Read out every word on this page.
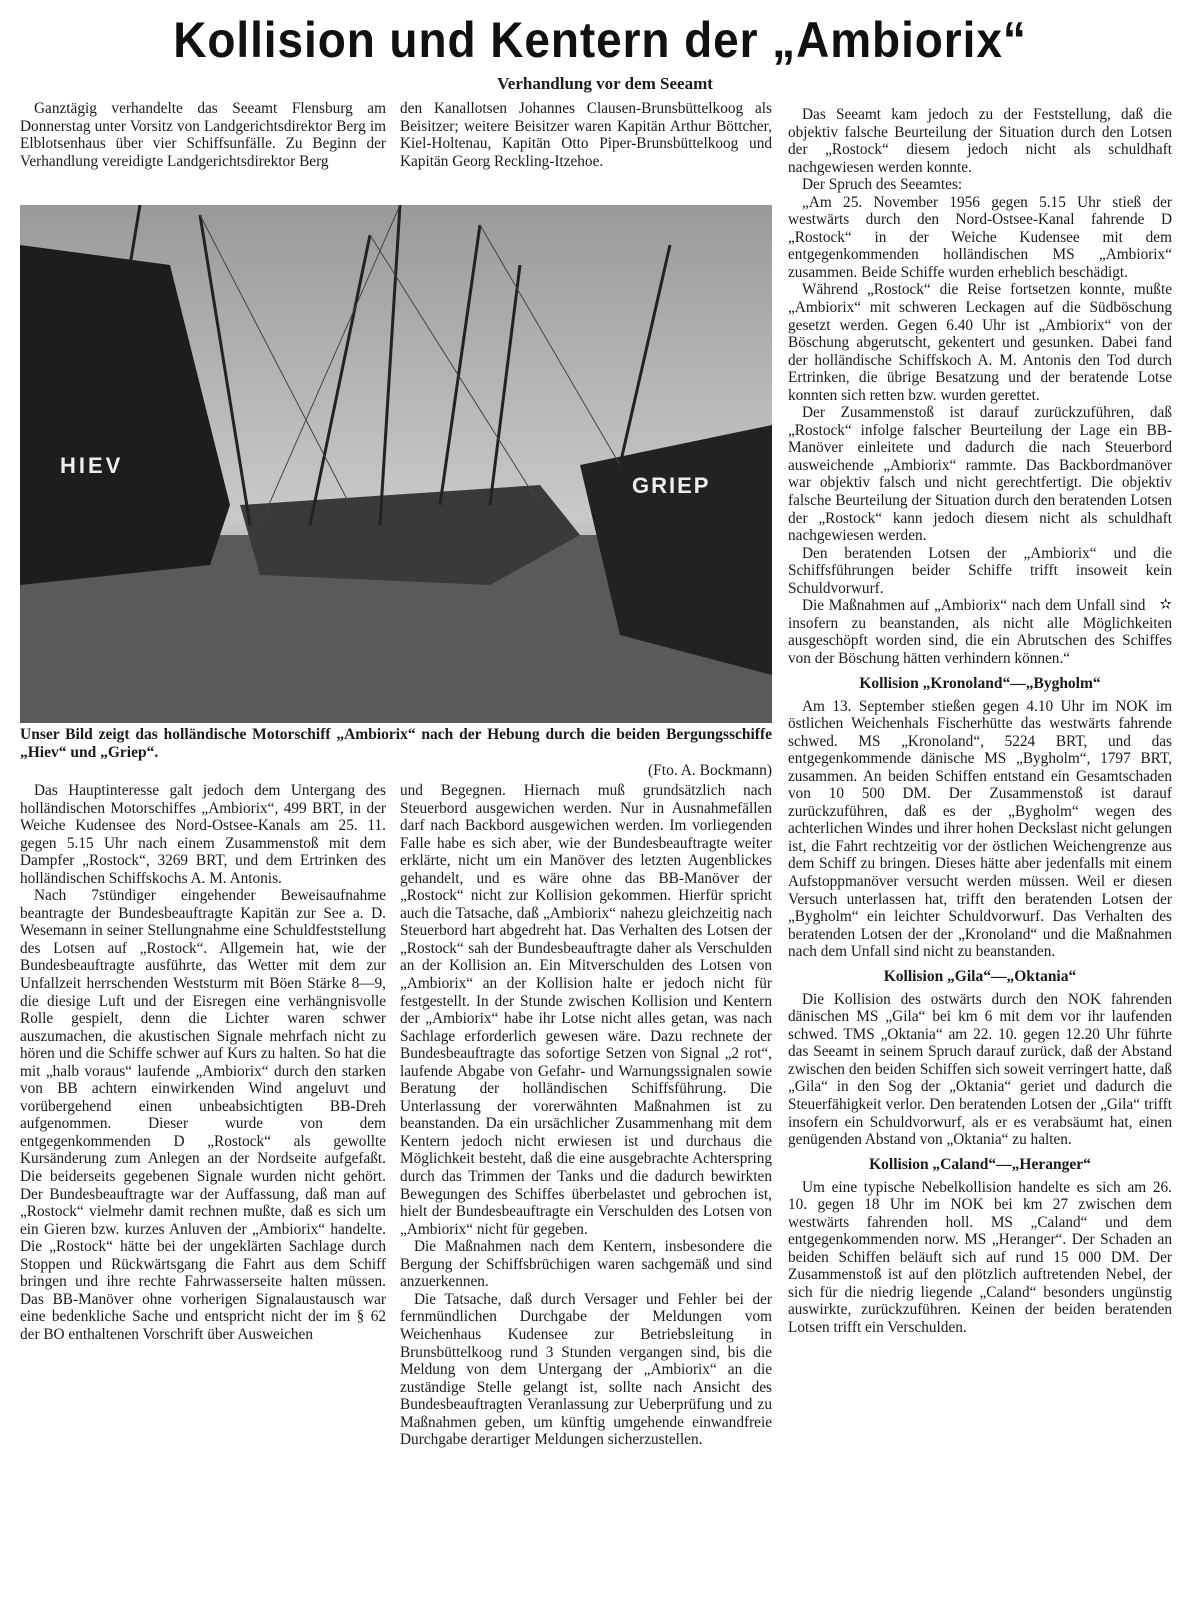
Kollision und Kentern der „Ambiorix“
Verhandlung vor dem Seeamt

Ganztägig verhandelte das Seeamt Flensburg am Donnerstag unter Vorsitz von Landgerichtsdirektor Berg im Elblotsenhaus über vier Schiffsunfälle. Zu Beginn der Verhandlung vereidigte Landgerichtsdirektor Berg

den Kanallotsen Johannes Clausen-Brunsbüttelkoog als Beisitzer; weitere Beisitzer waren Kapitän Arthur Böttcher, Kiel-Holtenau, Kapitän Otto Piper-Brunsbüttelkoog und Kapitän Georg Reckling-Itzehoe.

HIEV
GRIEP
Unser Bild zeigt das holländische Motorschiff „Ambiorix“ nach der Hebung durch die beiden Bergungsschiffe „Hiev“ und „Griep“.
(Fto. A. Bockmann)

Das Hauptinteresse galt jedoch dem Untergang des holländischen Motorschiffes „Ambiorix“, 499 BRT, in der Weiche Kudensee des Nord-Ostsee-Kanals am 25. 11. gegen 5.15 Uhr nach einem Zusammenstoß mit dem Dampfer „Rostock“, 3269 BRT, und dem Ertrinken des holländischen Schiffskochs A. M. Antonis.

Nach 7stündiger eingehender Beweisaufnahme beantragte der Bundesbeauftragte Kapitän zur See a. D. Wesemann in seiner Stellungnahme eine Schuldfeststellung des Lotsen auf „Rostock“. Allgemein hat, wie der Bundesbeauftragte ausführte, das Wetter mit dem zur Unfallzeit herrschenden Weststurm mit Böen Stärke 8—9, die diesige Luft und der Eisregen eine verhängnisvolle Rolle gespielt, denn die Lichter waren schwer auszumachen, die akustischen Signale mehrfach nicht zu hören und die Schiffe schwer auf Kurs zu halten. So hat die mit „halb voraus“ laufende „Ambiorix“ durch den starken von BB achtern einwirkenden Wind angeluvt und vorübergehend einen unbeabsichtigten BB-Dreh aufgenommen. Dieser wurde von dem entgegenkommenden D „Rostock“ als gewollte Kursänderung zum Anlegen an der Nordseite aufgefaßt. Die beiderseits gegebenen Signale wurden nicht gehört. Der Bundesbeauftragte war der Auffassung, daß man auf „Rostock“ vielmehr damit rechnen mußte, daß es sich um ein Gieren bzw. kurzes Anluven der „Ambiorix“ handelte. Die „Rostock“ hätte bei der ungeklärten Sachlage durch Stoppen und Rückwärtsgang die Fahrt aus dem Schiff bringen und ihre rechte Fahrwasserseite halten müssen. Das BB-Manöver ohne vorherigen Signalaustausch war eine bedenkliche Sache und entspricht nicht der im § 62 der BO enthaltenen Vorschrift über Ausweichen

und Begegnen. Hiernach muß grundsätzlich nach Steuerbord ausgewichen werden. Nur in Ausnahmefällen darf nach Backbord ausgewichen werden. Im vorliegenden Falle habe es sich aber, wie der Bundesbeauftragte weiter erklärte, nicht um ein Manöver des letzten Augenblickes gehandelt, und es wäre ohne das BB-Manöver der „Rostock“ nicht zur Kollision gekommen. Hierfür spricht auch die Tatsache, daß „Ambiorix“ nahezu gleichzeitig nach Steuerbord hart abgedreht hat. Das Verhalten des Lotsen der „Rostock“ sah der Bundesbeauftragte daher als Verschulden an der Kollision an. Ein Mitverschulden des Lotsen von „Ambiorix“ an der Kollision halte er jedoch nicht für festgestellt. In der Stunde zwischen Kollision und Kentern der „Ambiorix“ habe ihr Lotse nicht alles getan, was nach Sachlage erforderlich gewesen wäre. Dazu rechnete der Bundesbeauftragte das sofortige Setzen von Signal „2 rot“, laufende Abgabe von Gefahr- und Warnungssignalen sowie Beratung der holländischen Schiffsführung. Die Unterlassung der vorerwähnten Maßnahmen ist zu beanstanden. Da ein ursächlicher Zusammenhang mit dem Kentern jedoch nicht erwiesen ist und durchaus die Möglichkeit besteht, daß die eine ausgebrachte Achterspring durch das Trimmen der Tanks und die dadurch bewirkten Bewegungen des Schiffes überbelastet und gebrochen ist, hielt der Bundesbeauftragte ein Verschulden des Lotsen von „Ambiorix“ nicht für gegeben.

Die Maßnahmen nach dem Kentern, insbesondere die Bergung der Schiffsbrüchigen waren sachgemäß und sind anzuerkennen.

Die Tatsache, daß durch Versager und Fehler bei der fernmündlichen Durchgabe der Meldungen vom Weichenhaus Kudensee zur Betriebsleitung in Brunsbüttelkoog rund 3 Stunden vergangen sind, bis die Meldung von dem Untergang der „Ambiorix“ an die zuständige Stelle gelangt ist, sollte nach Ansicht des Bundesbeauftragten Veranlassung zur Ueberprüfung und zu Maßnahmen geben, um künftig umgehende einwandfreie Durchgabe derartiger Meldungen sicherzustellen.

Das Seeamt kam jedoch zu der Feststellung, daß die objektiv falsche Beurteilung der Situation durch den Lotsen der „Rostock“ diesem jedoch nicht als schuldhaft nachgewiesen werden konnte.

Der Spruch des Seeamtes:

„Am 25. November 1956 gegen 5.15 Uhr stieß der westwärts durch den Nord-Ostsee-Kanal fahrende D „Rostock“ in der Weiche Kudensee mit dem entgegenkommenden holländischen MS „Ambiorix“ zusammen. Beide Schiffe wurden erheblich beschädigt.

Während „Rostock“ die Reise fortsetzen konnte, mußte „Ambiorix“ mit schweren Leckagen auf die Südböschung gesetzt werden. Gegen 6.40 Uhr ist „Ambiorix“ von der Böschung abgerutscht, gekentert und gesunken. Dabei fand der holländische Schiffskoch A. M. Antonis den Tod durch Ertrinken, die übrige Besatzung und der beratende Lotse konnten sich retten bzw. wurden gerettet.

Der Zusammenstoß ist darauf zurückzuführen, daß „Rostock“ infolge falscher Beurteilung der Lage ein BB-Manöver einleitete und dadurch die nach Steuerbord ausweichende „Ambiorix“ rammte. Das Backbordmanöver war objektiv falsch und nicht gerechtfertigt. Die objektiv falsche Beurteilung der Situation durch den beratenden Lotsen der „Rostock“ kann jedoch diesem nicht als schuldhaft nachgewiesen werden.

Den beratenden Lotsen der „Ambiorix“ und die Schiffsführungen beider Schiffe trifft insoweit kein Schuldvorwurf.

✫
Die Maßnahmen auf „Ambiorix“ nach dem Unfall sind insofern zu beanstanden, als nicht alle Möglichkeiten ausgeschöpft worden sind, die ein Abrutschen des Schiffes von der Böschung hätten verhindern können.“

Kollision „Kronoland“—„Bygholm“

Am 13. September stießen gegen 4.10 Uhr im NOK im östlichen Weichenhals Fischerhütte das westwärts fahrende schwed. MS „Kronoland“, 5224 BRT, und das entgegenkommende dänische MS „Bygholm“, 1797 BRT, zusammen. An beiden Schiffen entstand ein Gesamtschaden von 10 500 DM. Der Zusammenstoß ist darauf zurückzuführen, daß es der „Bygholm“ wegen des achterlichen Windes und ihrer hohen Deckslast nicht gelungen ist, die Fahrt rechtzeitig vor der östlichen Weichengrenze aus dem Schiff zu bringen. Dieses hätte aber jedenfalls mit einem Aufstoppmanöver versucht werden müssen. Weil er diesen Versuch unterlassen hat, trifft den beratenden Lotsen der „Bygholm“ ein leichter Schuldvorwurf. Das Verhalten des beratenden Lotsen der der „Kronoland“ und die Maßnahmen nach dem Unfall sind nicht zu beanstanden.

Kollision „Gila“—„Oktania“

Die Kollision des ostwärts durch den NOK fahrenden dänischen MS „Gila“ bei km 6 mit dem vor ihr laufenden schwed. TMS „Oktania“ am 22. 10. gegen 12.20 Uhr führte das Seeamt in seinem Spruch darauf zurück, daß der Abstand zwischen den beiden Schiffen sich soweit verringert hatte, daß „Gila“ in den Sog der „Oktania“ geriet und dadurch die Steuerfähigkeit verlor. Den beratenden Lotsen der „Gila“ trifft insofern ein Schuldvorwurf, als er es verabsäumt hat, einen genügenden Abstand von „Oktania“ zu halten.

Kollision „Caland“—„Heranger“

Um eine typische Nebelkollision handelte es sich am 26. 10. gegen 18 Uhr im NOK bei km 27 zwischen dem westwärts fahrenden holl. MS „Caland“ und dem entgegenkommenden norw. MS „Heranger“. Der Schaden an beiden Schiffen beläuft sich auf rund 15 000 DM. Der Zusammenstoß ist auf den plötzlich auftretenden Nebel, der sich für die niedrig liegende „Caland“ besonders ungünstig auswirkte, zurückzuführen. Keinen der beiden beratenden Lotsen trifft ein Verschulden.
